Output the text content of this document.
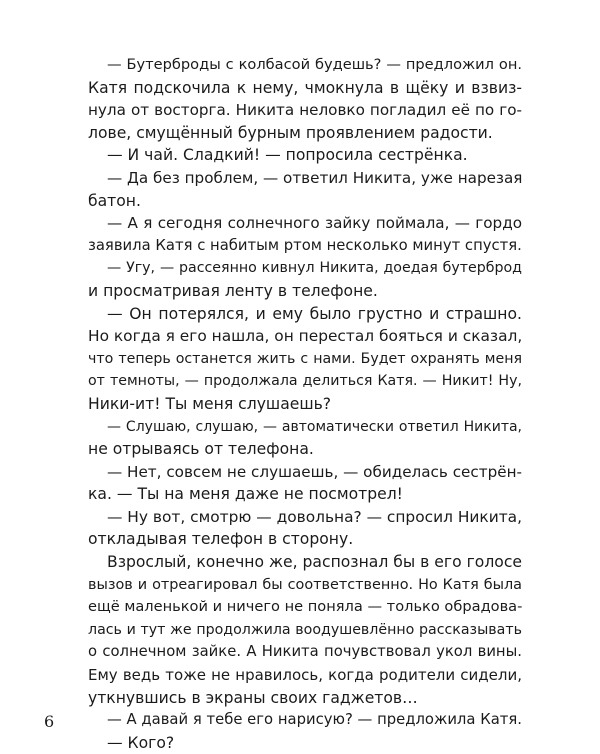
— Бутерброды с колбасой будешь? — предложил он.
Катя подскочила к нему, чмокнула в щёку и взвиз-
нула от восторга. Никита неловко погладил её по го-
лове, смущённый бурным проявлением радости.
— И чай. Сладкий! — попросила сестрёнка.
— Да без проблем, — ответил Никита, уже нарезая
батон.
— А я сегодня солнечного зайку поймала, — гордо
заявила Катя с набитым ртом несколько минут спустя.
— Угу, — рассеянно кивнул Никита, доедая бутерброд
и просматривая ленту в телефоне.
— Он потерялся, и ему было грустно и страшно.
Но когда я его нашла, он перестал бояться и сказал,
что теперь останется жить с нами. Будет охранять меня
от темноты, — продолжала делиться Катя. — Никит! Ну,
Ники-ит! Ты меня слушаешь?
— Слушаю, слушаю, — автоматически ответил Никита,
не отрываясь от телефона.
— Нет, совсем не слушаешь, — обиделась сестрён-
ка. — Ты на меня даже не посмотрел!
— Ну вот, смотрю — довольна? — спросил Никита,
откладывая телефон в сторону.
Взрослый, конечно же, распознал бы в его голосе
вызов и отреагировал бы соответственно. Но Катя была
ещё маленькой и ничего не поняла — только обрадова-
лась и тут же продолжила воодушевлённо рассказывать
о солнечном зайке. А Никита почувствовал укол вины.
Ему ведь тоже не нравилось, когда родители сидели,
уткнувшись в экраны своих гаджетов…
— А давай я тебе его нарисую? — предложила Катя.
— Кого?
6
